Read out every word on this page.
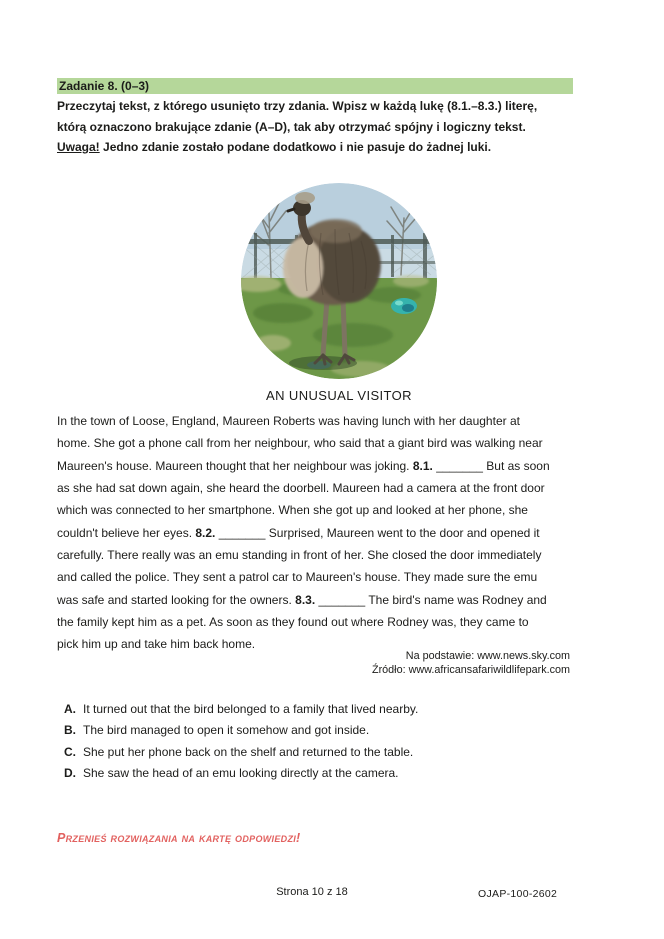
Zadanie 8. (0–3)
Przeczytaj tekst, z którego usunięto trzy zdania. Wpisz w każdą lukę (8.1.–8.3.) literę,
którą oznaczono brakujące zdanie (A–D), tak aby otrzymać spójny i logiczny tekst.
Uwaga! Jedno zdanie zostało podane dodatkowo i nie pasuje do żadnej luki.
AN UNUSUAL VISITOR
In the town of Loose, England, Maureen Roberts was having lunch with her daughter at
home. She got a phone call from her neighbour, who said that a giant bird was walking near
Maureen's house. Maureen thought that her neighbour was joking. 8.1. _______ But as soon
as she had sat down again, she heard the doorbell. Maureen had a camera at the front door
which was connected to her smartphone. When she got up and looked at her phone, she
couldn't believe her eyes. 8.2. _______ Surprised, Maureen went to the door and opened it
carefully. There really was an emu standing in front of her. She closed the door immediately
and called the police. They sent a patrol car to Maureen's house. They made sure the emu
was safe and started looking for the owners. 8.3. _______ The bird's name was Rodney and
the family kept him as a pet. As soon as they found out where Rodney was, they came to
pick him up and take him back home.
Na podstawie: www.news.sky.com
Źródło: www.africansafariwildlifepark.com
A. It turned out that the bird belonged to a family that lived nearby.
B. The bird managed to open it somehow and got inside.
C. She put her phone back on the shelf and returned to the table.
D. She saw the head of an emu looking directly at the camera.
Przenieś rozwiązania na kartę odpowiedzi!
Strona 10 z 18	OJAP-100-2602
